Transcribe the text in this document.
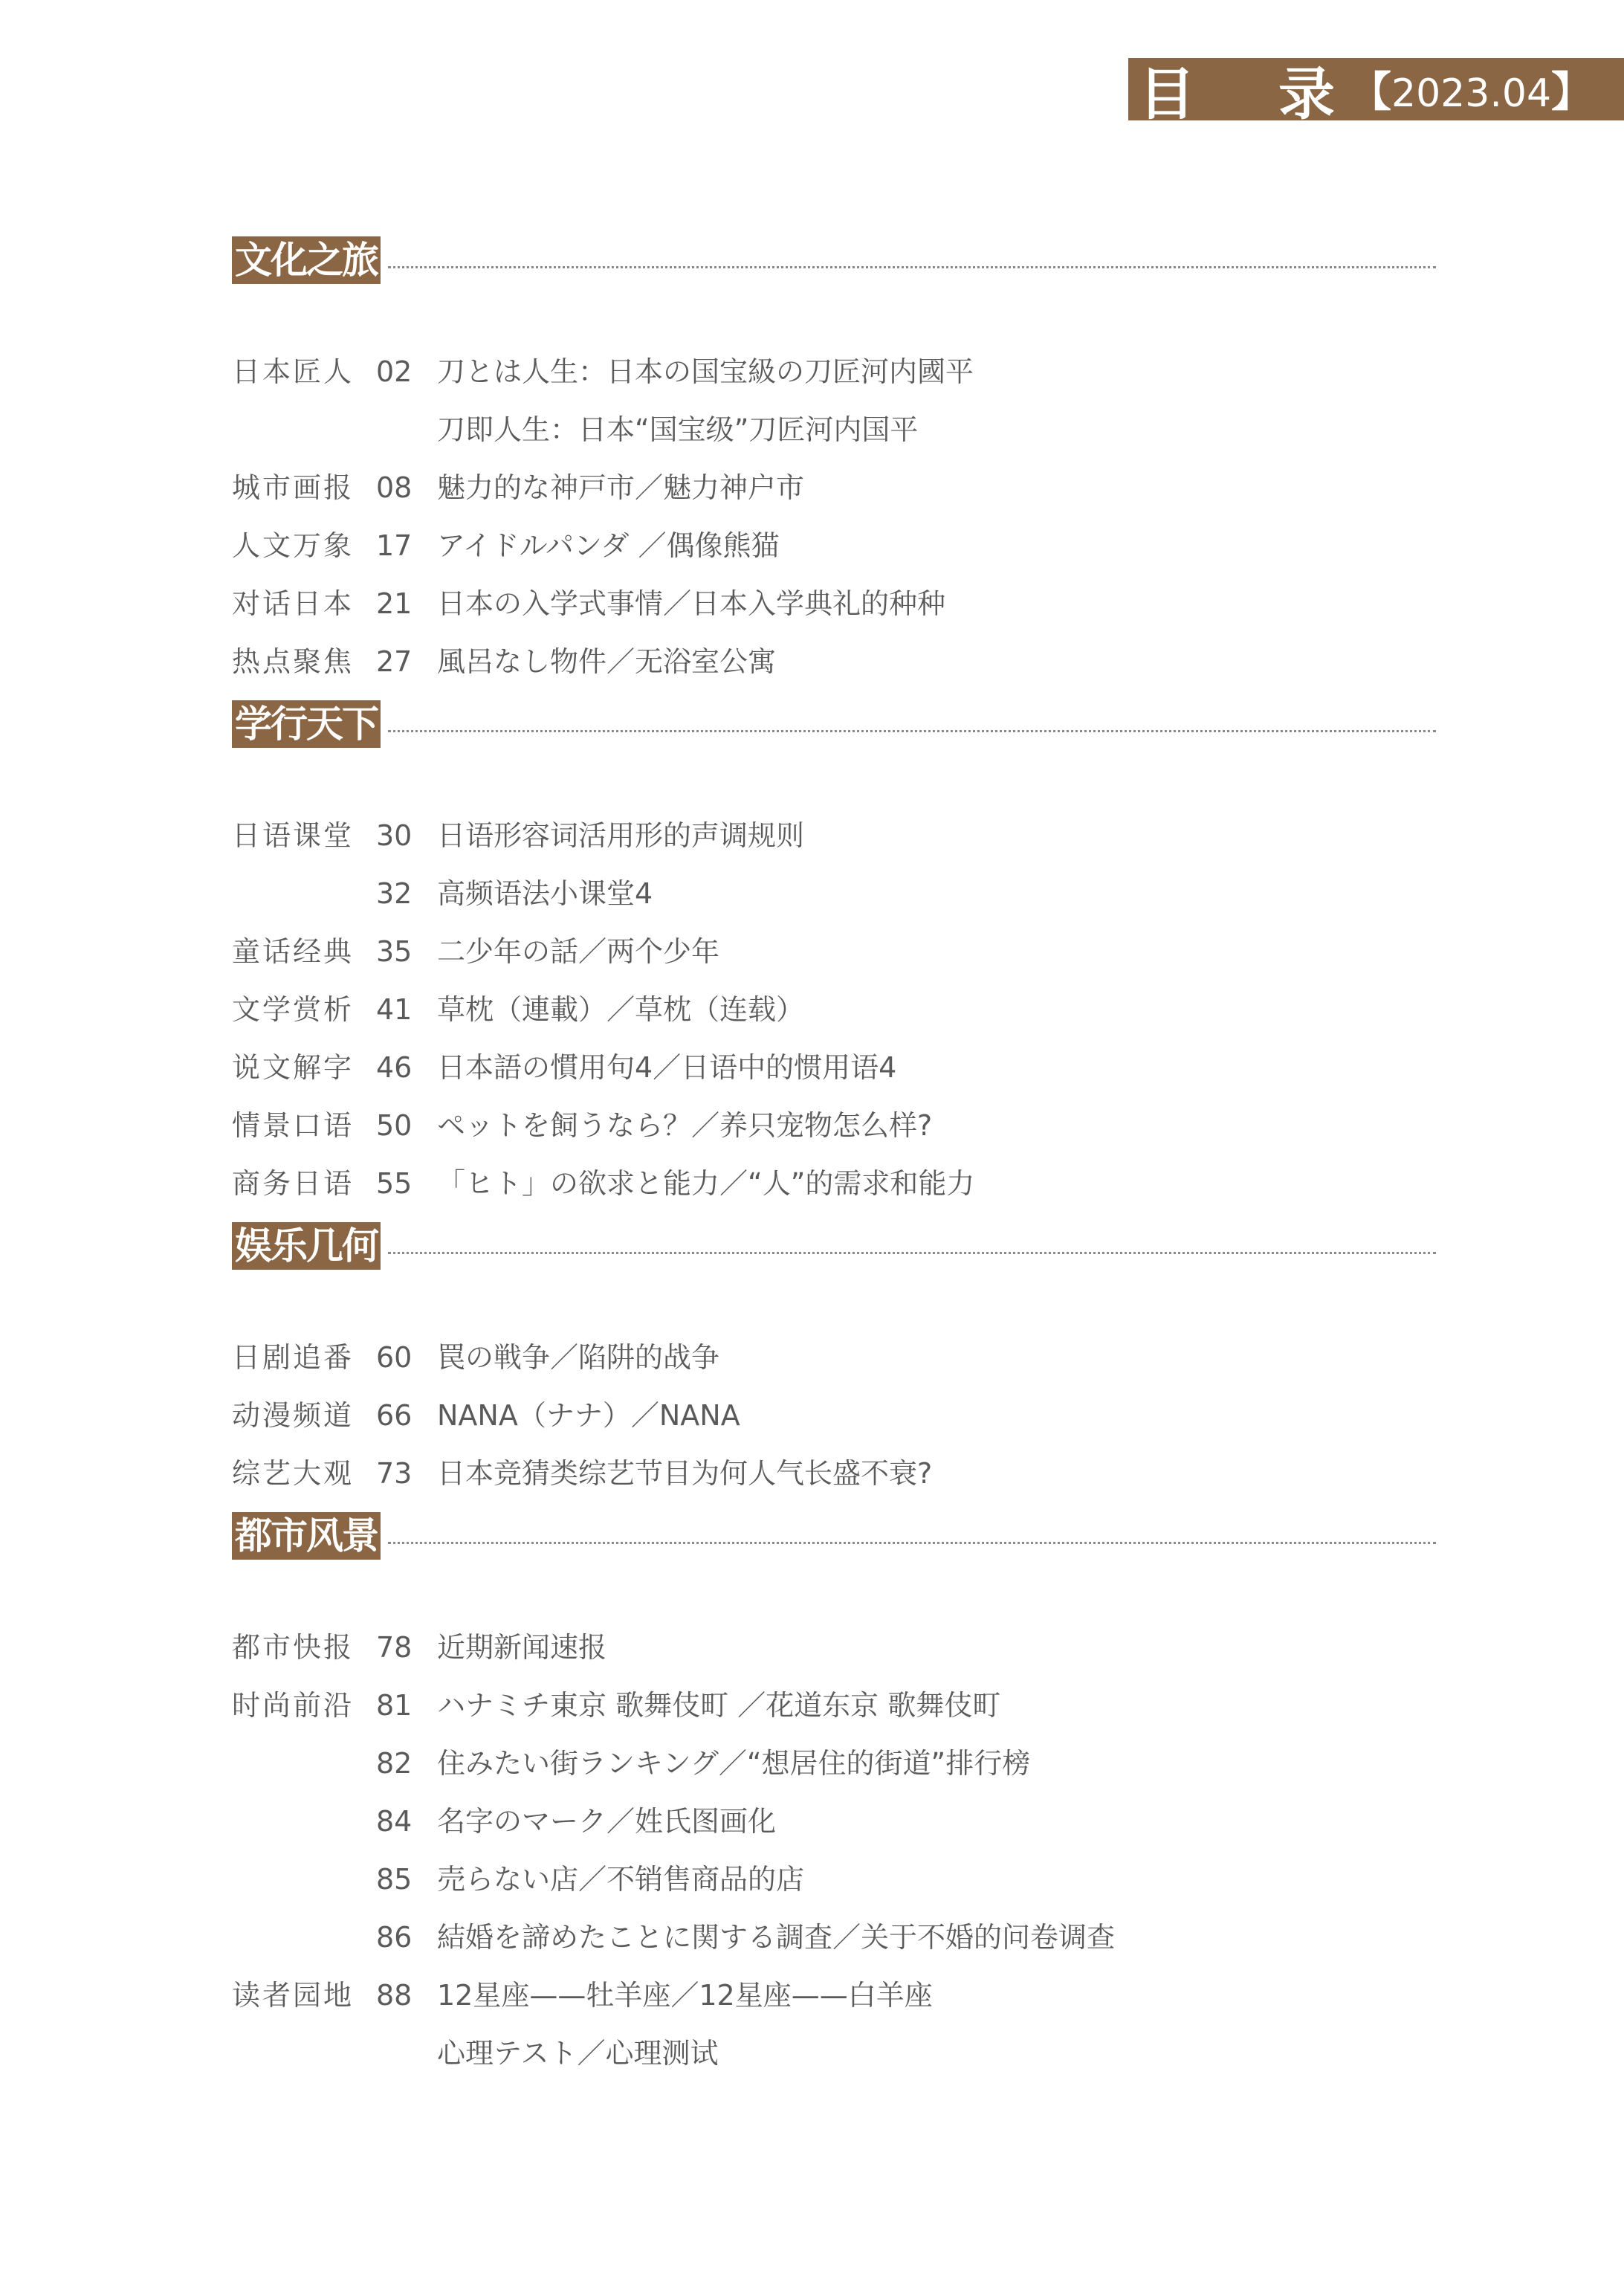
目 录 【2023.04】
文化之旅
日本匠人 02 刀とは人生：日本の国宝級の刀匠河内國平
刀即人生：日本“国宝级”刀匠河内国平
城市画报 08 魅力的な神戸市／魅力神户市
人文万象 17 アイドルパンダ ／偶像熊猫
对话日本 21 日本の入学式事情／日本入学典礼的种种
热点聚焦 27 風呂なし物件／无浴室公寓
学行天下
日语课堂 30 日语形容词活用形的声调规则
32 高频语法小课堂4
童话经典 35 二少年の話／两个少年
文学赏析 41 草枕（連載）／草枕（连载）
说文解字 46 日本語の慣用句4／日语中的惯用语4
情景口语 50 ペットを飼うなら？／养只宠物怎么样?
商务日语 55 「ヒト」の欲求と能力／“人”的需求和能力
娱乐几何
日剧追番 60 罠の戦争／陷阱的战争
动漫频道 66 NANA（ナナ）／NANA
综艺大观 73 日本竞猜类综艺节目为何人气长盛不衰?
都市风景
都市快报 78 近期新闻速报
时尚前沿 81 ハナミチ東京 歌舞伎町 ／花道东京 歌舞伎町
82 住みたい街ランキング／“想居住的街道”排行榜
84 名字のマーク／姓氏图画化
85 売らない店／不销售商品的店
86 結婚を諦めたことに関する調査／关于不婚的问卷调查
读者园地 88 12星座——牡羊座／12星座——白羊座
心理テスト／心理测试
